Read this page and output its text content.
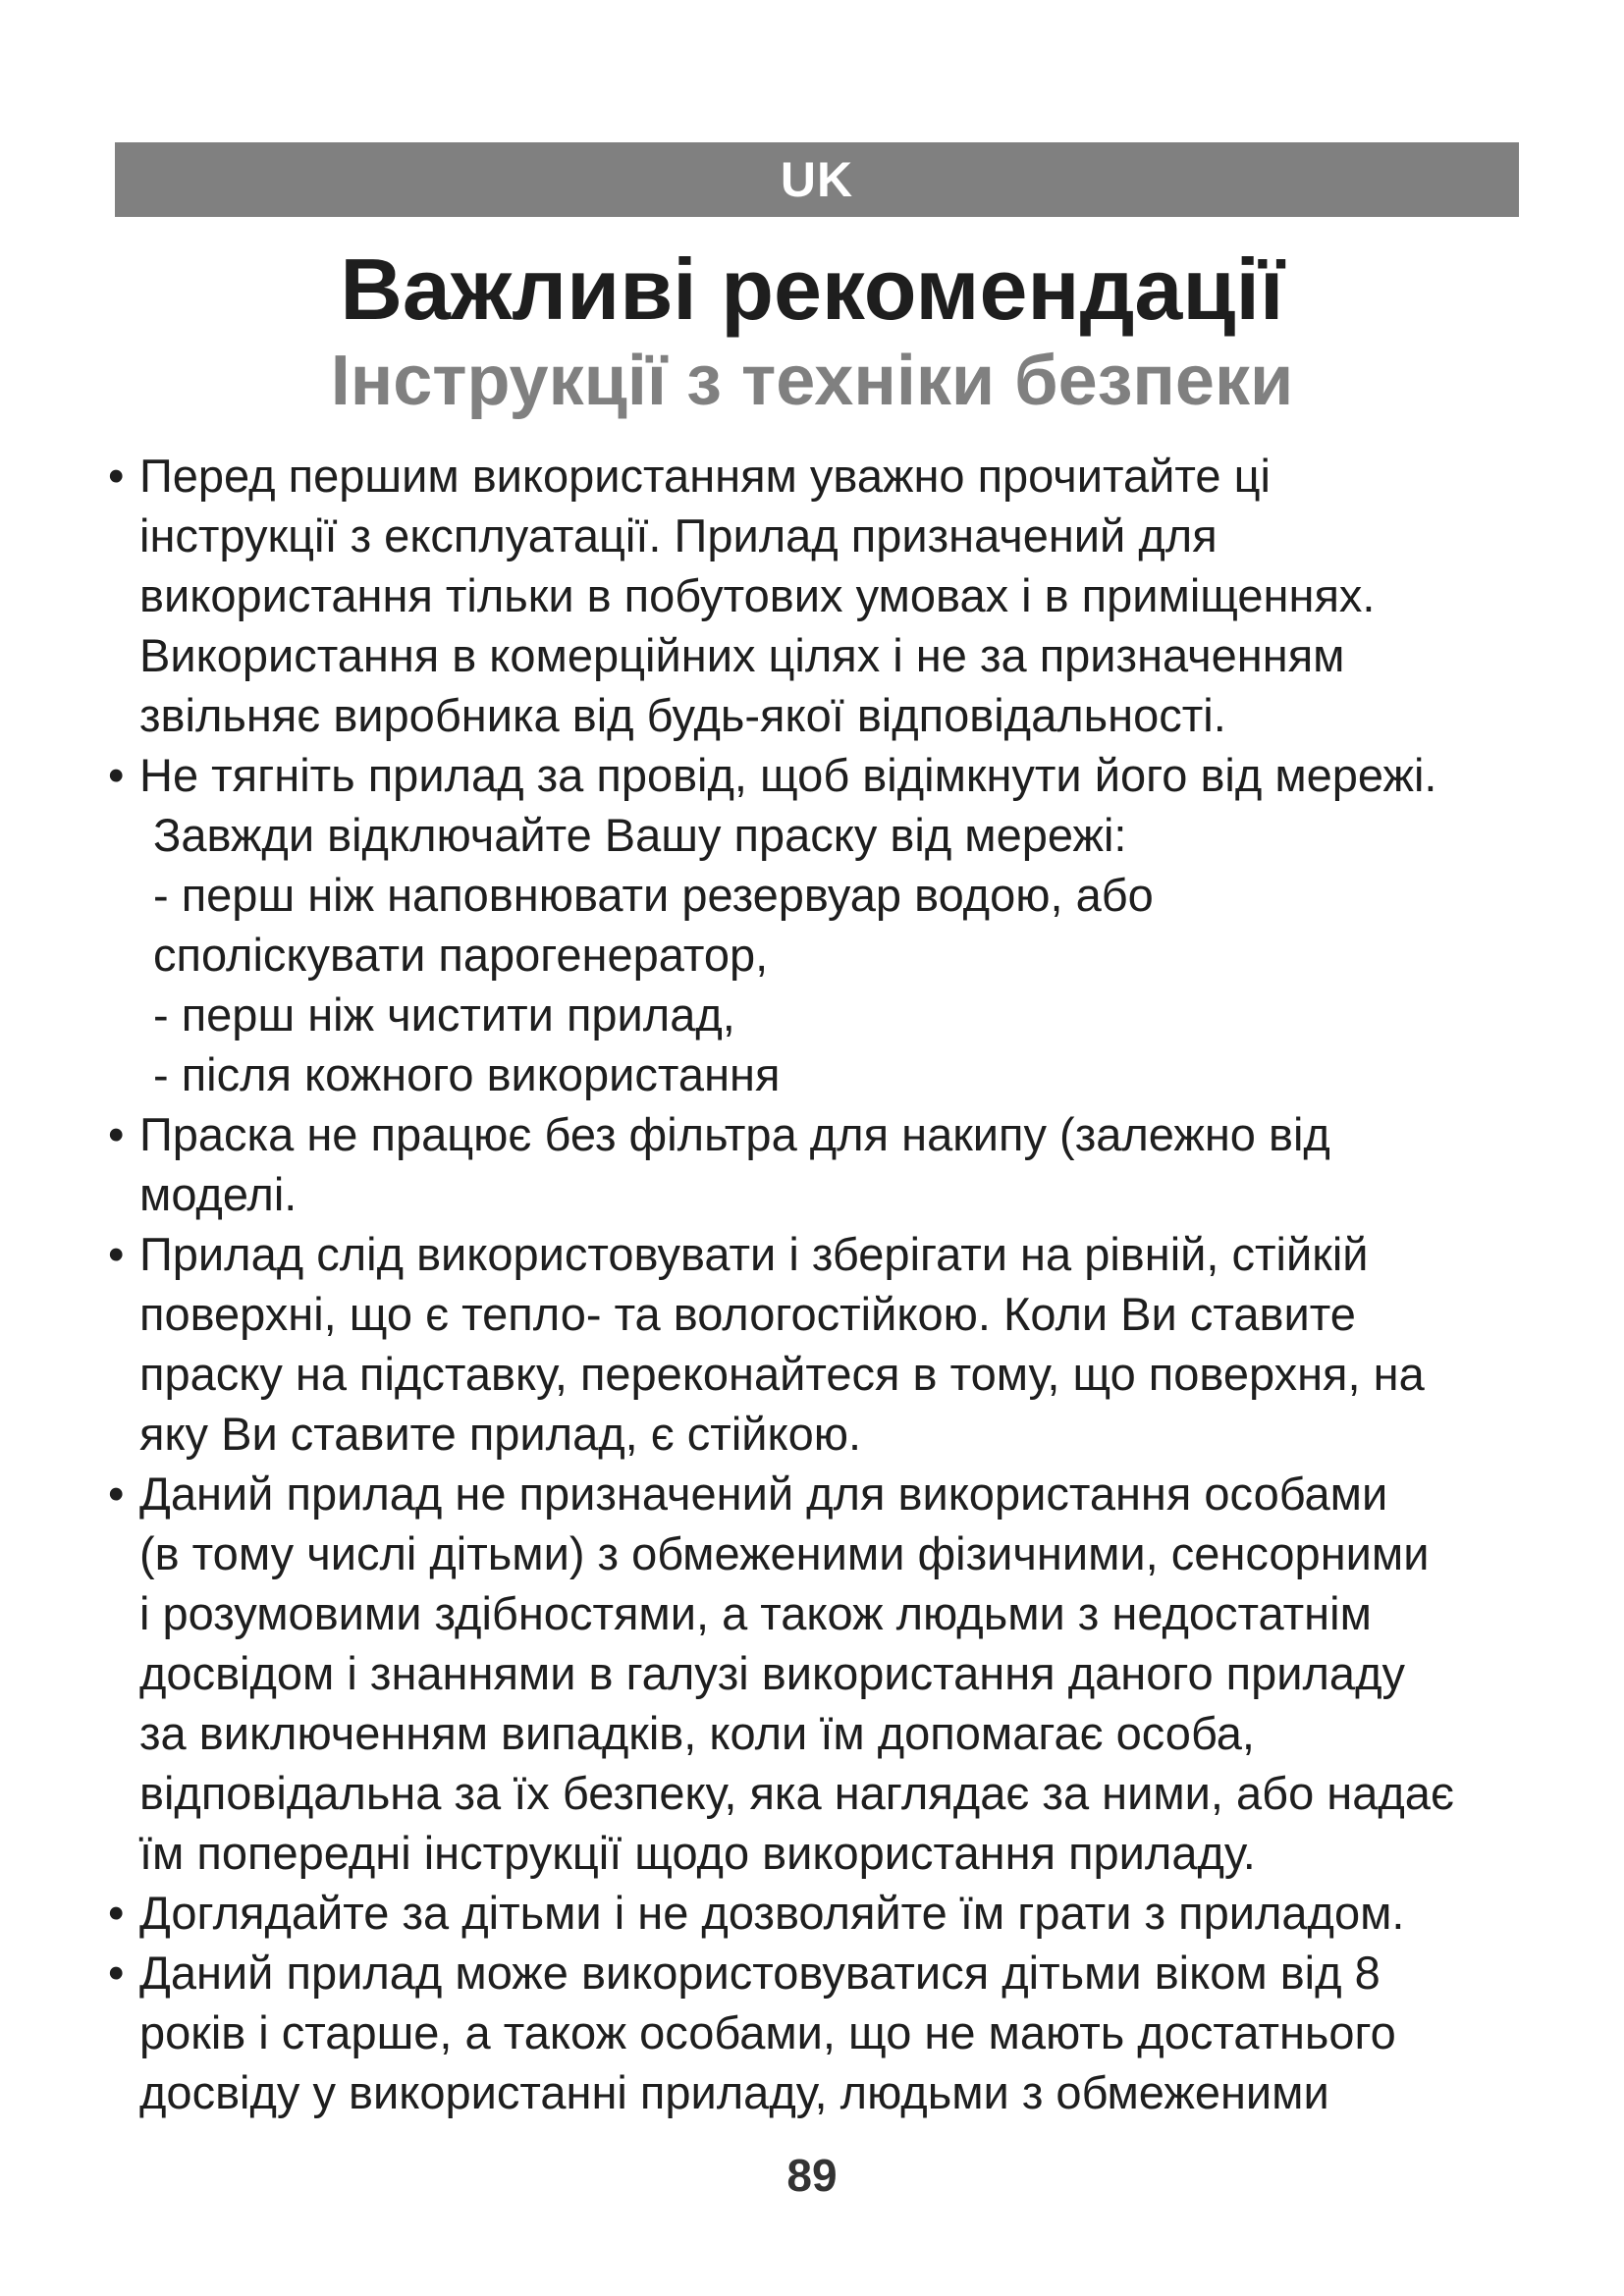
UK
Важливі рекомендації
Інструкції з техніки безпеки
• Перед першим використанням уважно прочитайте ці
інструкції з експлуатації. Прилад призначений для
використання тільки в побутових умовах і в приміщеннях.
Використання в комерційних цілях і не за призначенням
звільняє виробника від будь-якої відповідальності.
• Не тягніть прилад за провід, щоб відімкнути його від мережі.
Завжди відключайте Вашу праску від мережі:
- перш ніж наповнювати резервуар водою, або
споліскувати парогенератор,
- перш ніж чистити прилад,
- після кожного використання
• Праска не працює без фільтра для накипу (залежно від
моделі.
• Прилад слід використовувати і зберігати на рівній, стійкій
поверхні, що є тепло- та вологостійкою. Коли Ви ставите
праску на підставку, переконайтеся в тому, що поверхня, на
яку Ви ставите прилад, є стійкою.
• Даний прилад не призначений для використання особами
(в тому числі дітьми) з обмеженими фізичними, сенсорними
і розумовими здібностями, а також людьми з недостатнім
досвідом і знаннями в галузі використання даного приладу
за виключенням випадків, коли їм допомагає особа,
відповідальна за їх безпеку, яка наглядає за ними, або надає
їм попередні інструкції щодо використання приладу.
• Доглядайте за дітьми і не дозволяйте їм грати з приладом.
• Даний прилад може використовуватися дітьми віком від 8
років і старше, а також особами, що не мають достатнього
досвіду у використанні приладу, людьми з обмеженими
89
